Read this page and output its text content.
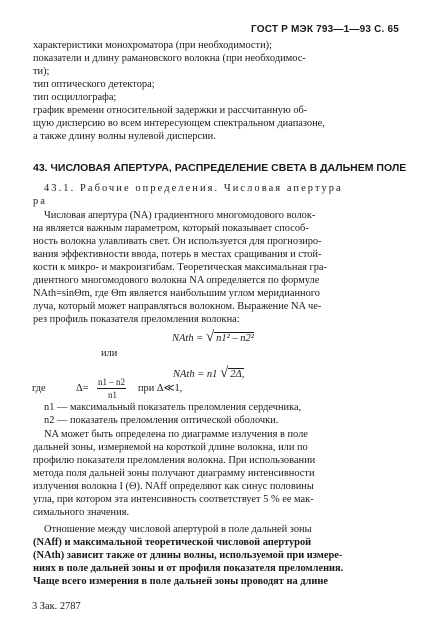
ГОСТ Р МЭК 793—1—93 С. 65
характеристики монохроматора (при необходимости);
показатели и длину рамановского волокна (при необходимос-
ти);
тип оптического детектора;
тип осциллографа;
график времени относительной задержки и рассчитанную об-
щую дисперсию во всем интересующем спектральном диапазоне,
а также длину волны нулевой дисперсии.
43. ЧИСЛОВАЯ АПЕРТУРА, РАСПРЕДЕЛЕНИЕ СВЕТА В ДАЛЬНЕМ ПОЛЕ
43.1. Рабочие определения. Числовая апертура
ра
Числовая апертура (NA) градиентного многомодового волок-
на является важным параметром, который показывает способ-
ность волокна улавливать свет. Он используется для прогнозиро-
вания эффективности ввода, потерь в местах сращивания и стой-
кости к микро- и макроизгибам. Теоретическая максимальная гра-
диентного многомодового волокна NA определяется по формуле
NAth=sinΘm, где Θm является наибольшим углом меридианного
луча, который может направляться волокном. Выражение NA че-
рез профиль показателя преломления волокна:
NAth = √ n1² – n2²
или
NAth = n1 √ 2Δ,
где	Δ=
n1 – n2
n1
при Δ≪1,
n1 — максимальный показатель преломления сердечника,
n2 — показатель преломления оптической оболочки.
NA может быть определена по диаграмме излучения в поле
дальней зоны, измеряемой на короткой длине волокна, или по
профилю показателя преломления волокна. При использовании
метода поля дальней зоны получают диаграмму интенсивности
излучения волокна I (Θ). NAff определяют как синус половины
угла, при котором эта интенсивность соответствует 5 % ее мак-
симального значения.
Отношение между числовой апертурой в поле дальней зоны
(NAff) и максимальной теоретической числовой апертурой
(NAth) зависит также от длины волны, используемой при измере-
ниях в поле дальней зоны и от профиля показателя преломления.
Чаще всего измерения в поле дальней зоны проводят на длине
3 Зак. 2787
